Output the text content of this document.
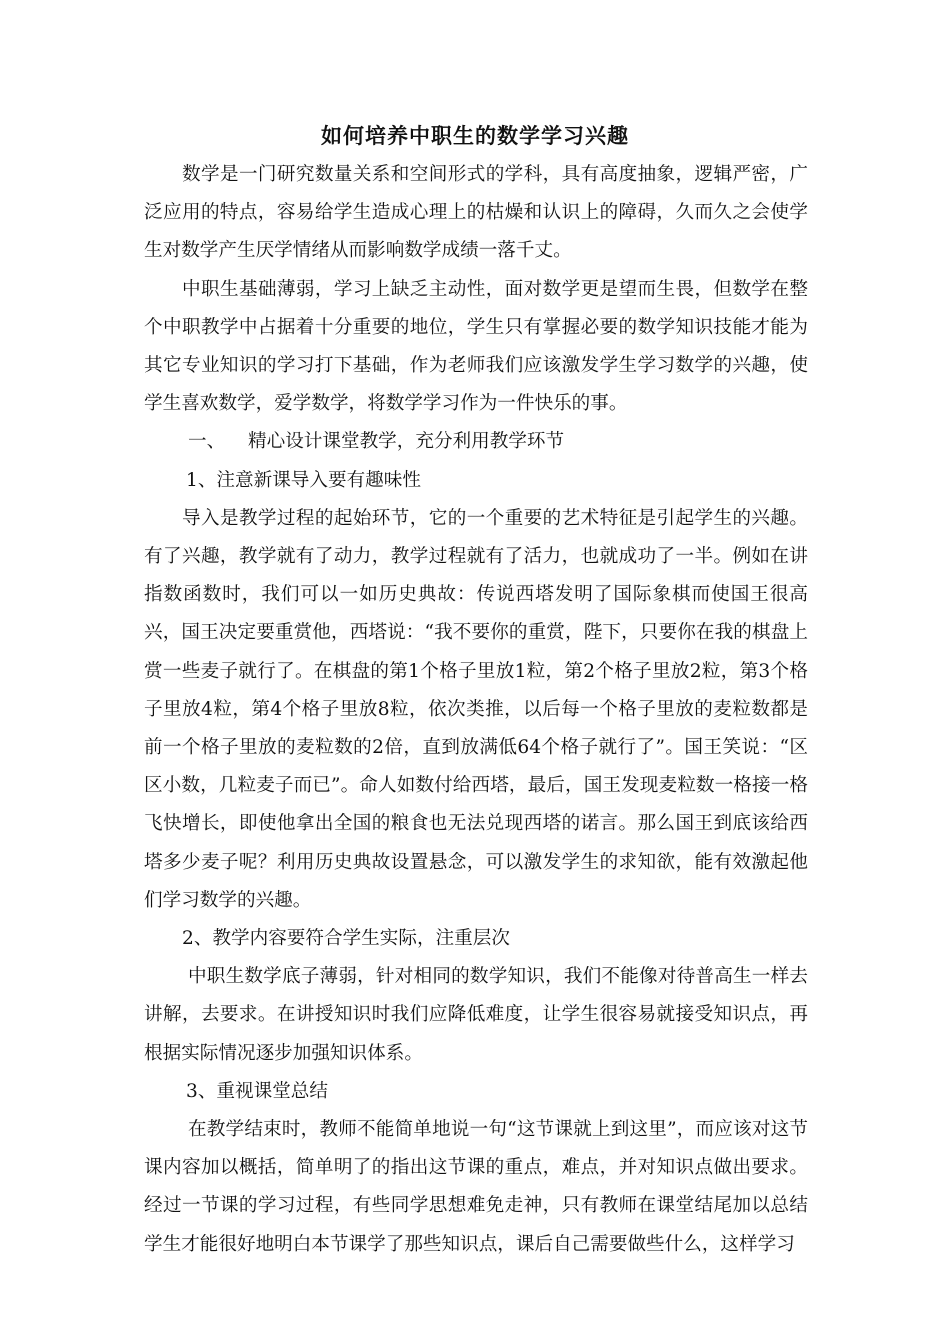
如何培养中职生的数学学习兴趣

数学是一门研究数量关系和空间形式的学科，具有高度抽象，逻辑严密，广泛应用的特点，容易给学生造成心理上的枯燥和认识上的障碍，久而久之会使学生对数学产生厌学情绪从而影响数学成绩一落千丈。

中职生基础薄弱，学习上缺乏主动性，面对数学更是望而生畏，但数学在整个中职教学中占据着十分重要的地位，学生只有掌握必要的数学知识技能才能为其它专业知识的学习打下基础，作为老师我们应该激发学生学习数学的兴趣，使学生喜欢数学，爱学数学，将数学学习作为一件快乐的事。

一、 精心设计课堂教学，充分利用教学环节

1、注意新课导入要有趣味性

导入是教学过程的起始环节，它的一个重要的艺术特征是引起学生的兴趣。有了兴趣，教学就有了动力，教学过程就有了活力，也就成功了一半。例如在讲指数函数时，我们可以一如历史典故：传说西塔发明了国际象棋而使国王很高兴，国王决定要重赏他，西塔说：“我不要你的重赏，陛下，只要你在我的棋盘上赏一些麦子就行了。在棋盘的第1个格子里放1粒，第2个格子里放2粒，第3个格子里放4粒，第4个格子里放8粒，依次类推，以后每一个格子里放的麦粒数都是前一个格子里放的麦粒数的2倍，直到放满低64个格子就行了”。国王笑说：“区区小数，几粒麦子而已”。命人如数付给西塔，最后，国王发现麦粒数一格接一格飞快增长，即使他拿出全国的粮食也无法兑现西塔的诺言。那么国王到底该给西塔多少麦子呢？利用历史典故设置悬念，可以激发学生的求知欲，能有效激起他们学习数学的兴趣。

2、教学内容要符合学生实际，注重层次

中职生数学底子薄弱，针对相同的数学知识，我们不能像对待普高生一样去讲解，去要求。在讲授知识时我们应降低难度，让学生很容易就接受知识点，再根据实际情况逐步加强知识体系。

3、重视课堂总结

在教学结束时，教师不能简单地说一句“这节课就上到这里”，而应该对这节课内容加以概括，简单明了的指出这节课的重点，难点，并对知识点做出要求。经过一节课的学习过程，有些同学思想难免走神，只有教师在课堂结尾加以总结学生才能很好地明白本节课学了那些知识点，课后自己需要做些什么，这样学习
